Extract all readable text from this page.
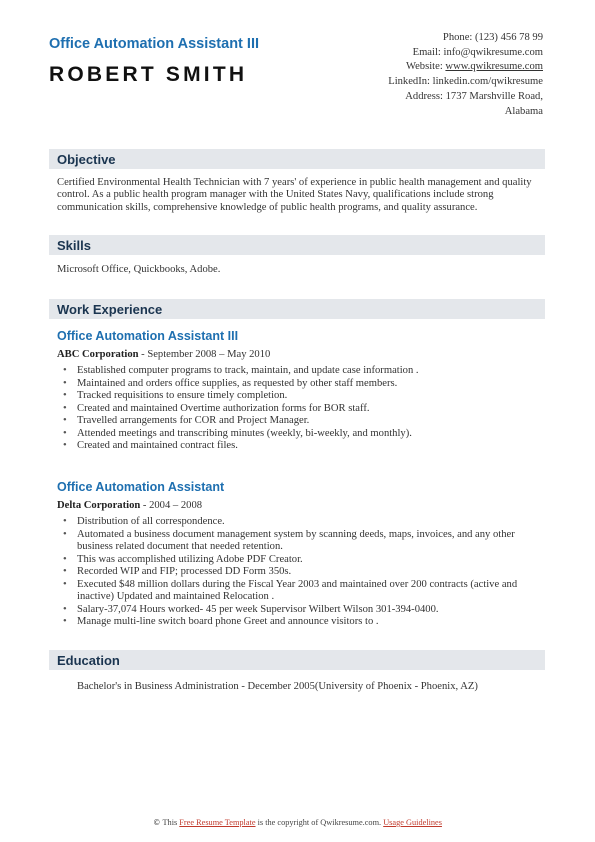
Office Automation Assistant III
ROBERT SMITH
Phone: (123) 456 78 99
Email: info@qwikresume.com
Website: www.qwikresume.com
LinkedIn: linkedin.com/qwikresume
Address: 1737 Marshville Road,
Alabama
Objective
Certified Environmental Health Technician with 7 years' of experience in public health management and quality control. As a public health program manager with the United States Navy, qualifications include strong communication skills, comprehensive knowledge of public health programs, and quality assurance.
Skills
Microsoft Office, Quickbooks, Adobe.
Work Experience
Office Automation Assistant III
ABC Corporation - September 2008 – May 2010
• Established computer programs to track, maintain, and update case information .
• Maintained and orders office supplies, as requested by other staff members.
• Tracked requisitions to ensure timely completion.
• Created and maintained Overtime authorization forms for BOR staff.
• Travelled arrangements for COR and Project Manager.
• Attended meetings and transcribing minutes (weekly, bi-weekly, and monthly).
• Created and maintained contract files.
Office Automation Assistant
Delta Corporation - 2004 – 2008
• Distribution of all correspondence.
• Automated a business document management system by scanning deeds, maps, invoices, and any other business related document that needed retention.
• This was accomplished utilizing Adobe PDF Creator.
• Recorded WIP and FIP; processed DD Form 350s.
• Executed $48 million dollars during the Fiscal Year 2003 and maintained over 200 contracts (active and inactive) Updated and maintained Relocation .
• Salary-37,074 Hours worked- 45 per week Supervisor Wilbert Wilson 301-394-0400.
• Manage multi-line switch board phone Greet and announce visitors to .
Education
Bachelor's in Business Administration - December 2005(University of Phoenix - Phoenix, AZ)
© This Free Resume Template is the copyright of Qwikresume.com. Usage Guidelines
